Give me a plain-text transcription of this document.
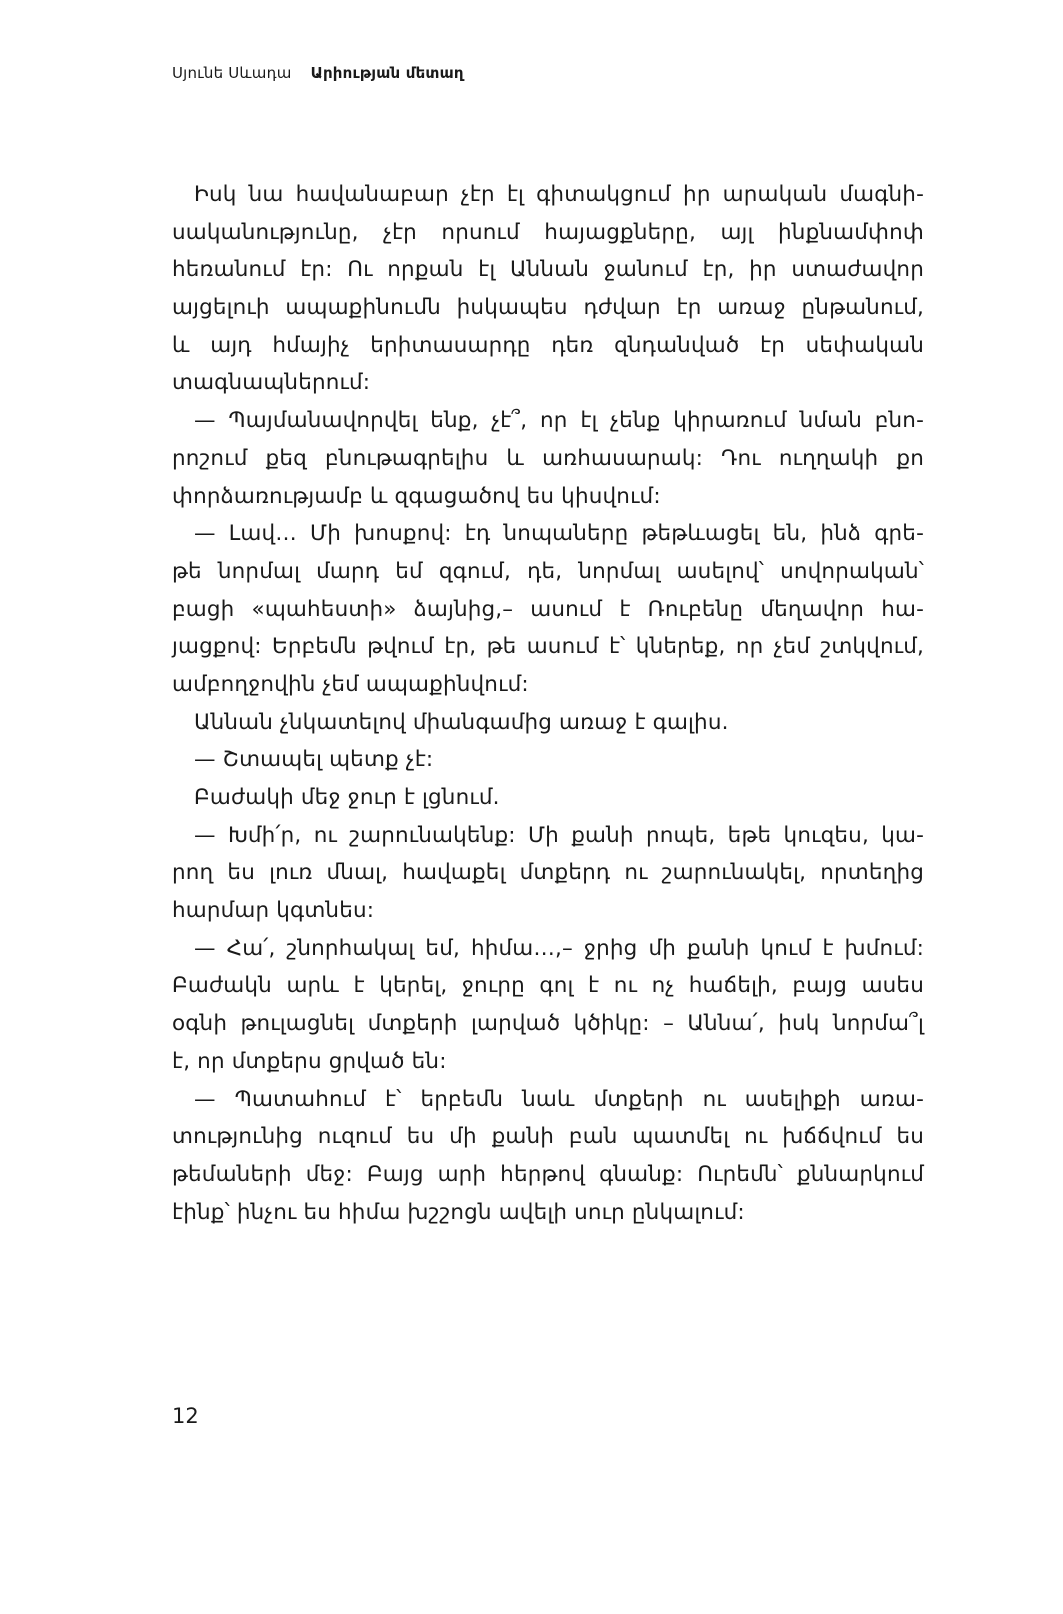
Սյունե Սևադա Արիության մետաղ
Իսկ նա հավանաբար չէր էլ գիտակցում իր արական մագնի-
սականությունը, չէր որսում հայացքները, այլ ինքնամփոփ
հեռանում էր: Ու որքան էլ Աննան ջանում էր, իր ստաժավոր
այցելուի ապաքինումն իսկապես դժվար էր առաջ ընթանում,
և այդ հմայիչ երիտասարդը դեռ զնդանված էր սեփական
տագնապներում:
— Պայմանավորվել ենք, չէ՞, որ էլ չենք կիրառում նման բնո-
րոշում քեզ բնութագրելիս և առհասարակ: Դու ուղղակի քո
փորձառությամբ և զգացածով ես կիսվում:
— Լավ… Մի խոսքով: էդ նոպաները թեթևացել են, ինձ գրե-
թե նորմալ մարդ եմ զգում, դե, նորմալ ասելով՝ սովորական՝
բացի «պահեստի» ձայնից,– ասում է Ռուբենը մեղավոր հա-
յացքով: Երբեմն թվում էր, թե ասում է՝ կներեք, որ չեմ շտկվում,
ամբողջովին չեմ ապաքինվում:
Աննան չնկատելով միանգամից առաջ է գալիս.
— Շտապել պետք չէ:
Բաժակի մեջ ջուր է լցնում.
— Խմի՛ր, ու շարունակենք: Մի քանի րոպե, եթե կուզես, կա-
րող ես լուռ մնալ, հավաքել մտքերդ ու շարունակել, որտեղից
հարմար կգտնես:
— Հա՛, շնորհակալ եմ, հիմա…,– ջրից մի քանի կում է խմում:
Բաժակն արև է կերել, ջուրը գոլ է ու ոչ հաճելի, բայց ասես
օգնի թուլացնել մտքերի լարված կծիկը: – Աննա՛, իսկ նորմա՞լ
է, որ մտքերս ցրված են:
— Պատահում է՝ երբեմն նաև մտքերի ու ասելիքի առա-
տությունից ուզում ես մի քանի բան պատմել ու խճճվում ես
թեմաների մեջ: Բայց արի հերթով գնանք: Ուրեմն՝ քննարկում
էինք՝ ինչու ես հիմա խշշոցն ավելի սուր ընկալում:
12
